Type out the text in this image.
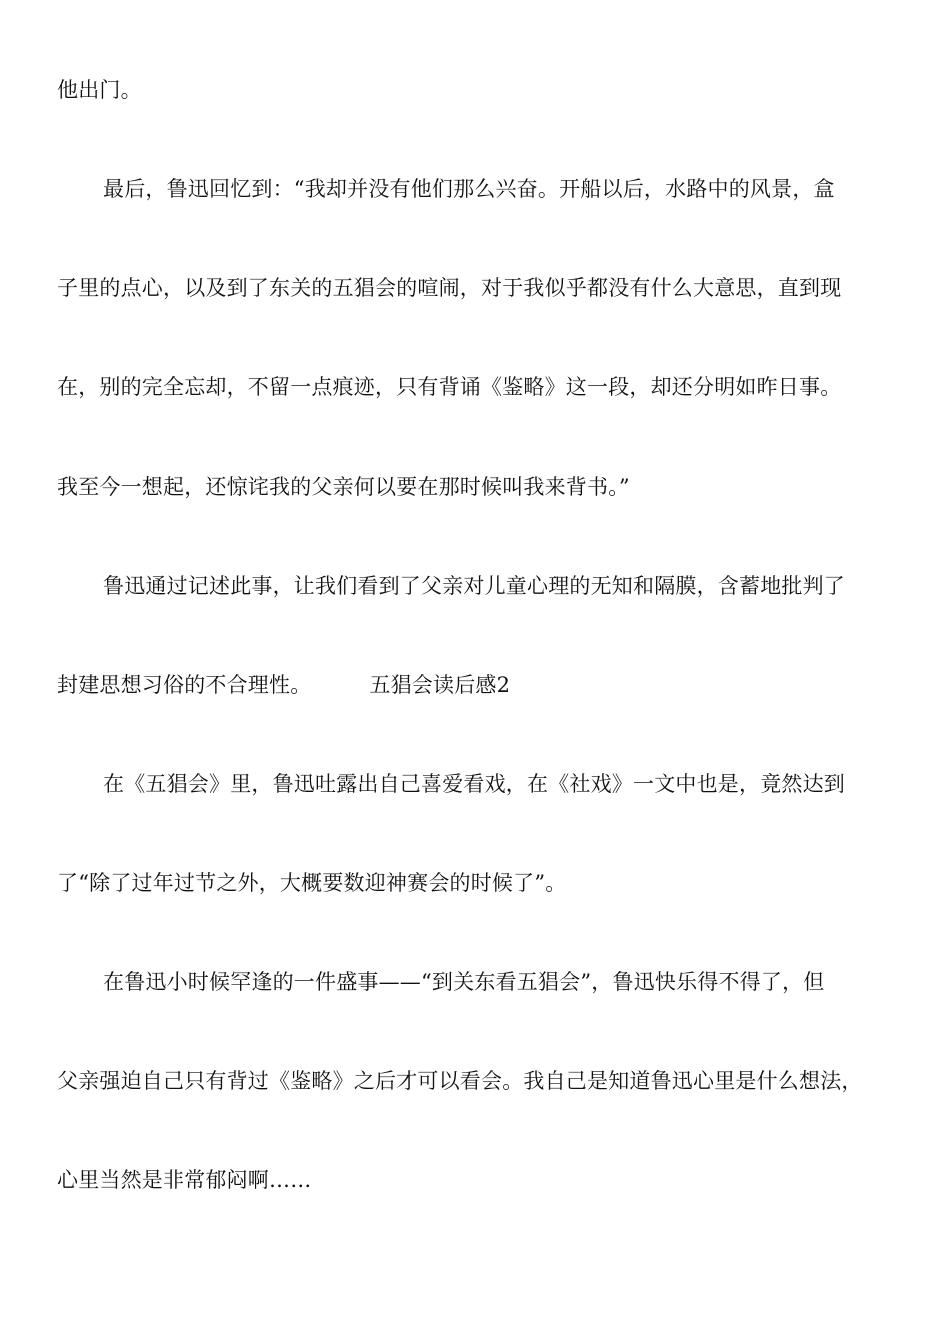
他出门。
最后，鲁迅回忆到：“我却并没有他们那么兴奋。开船以后，水路中的风景，盒
子里的点心，以及到了东关的五猖会的喧闹，对于我似乎都没有什么大意思，直到现
在，别的完全忘却，不留一点痕迹，只有背诵《鉴略》这一段，却还分明如昨日事。
我至今一想起，还惊诧我的父亲何以要在那时候叫我来背书。”
鲁迅通过记述此事，让我们看到了父亲对儿童心理的无知和隔膜，含蓄地批判了
封建思想习俗的不合理性。	五猖会读后感2
在《五猖会》里，鲁迅吐露出自己喜爱看戏，在《社戏》一文中也是，竟然达到
了“除了过年过节之外，大概要数迎神赛会的时候了”。
在鲁迅小时候罕逢的一件盛事——“到关东看五猖会”，鲁迅快乐得不得了，但
父亲强迫自己只有背过《鉴略》之后才可以看会。我自己是知道鲁迅心里是什么想法，
心里当然是非常郁闷啊……
